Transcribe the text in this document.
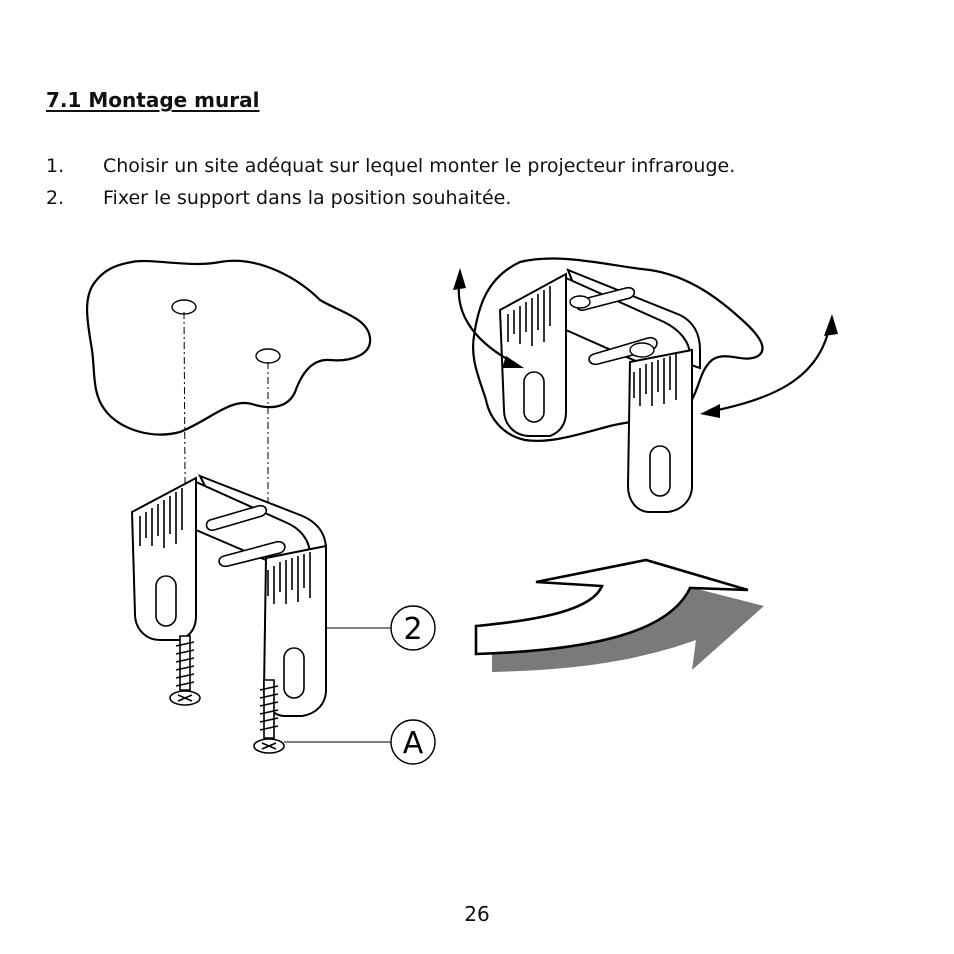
7.1 Montage mural
1.	Choisir un site adéquat sur lequel monter le projecteur infrarouge.
2.	Fixer le support dans la position souhaitée.
2
A
26
